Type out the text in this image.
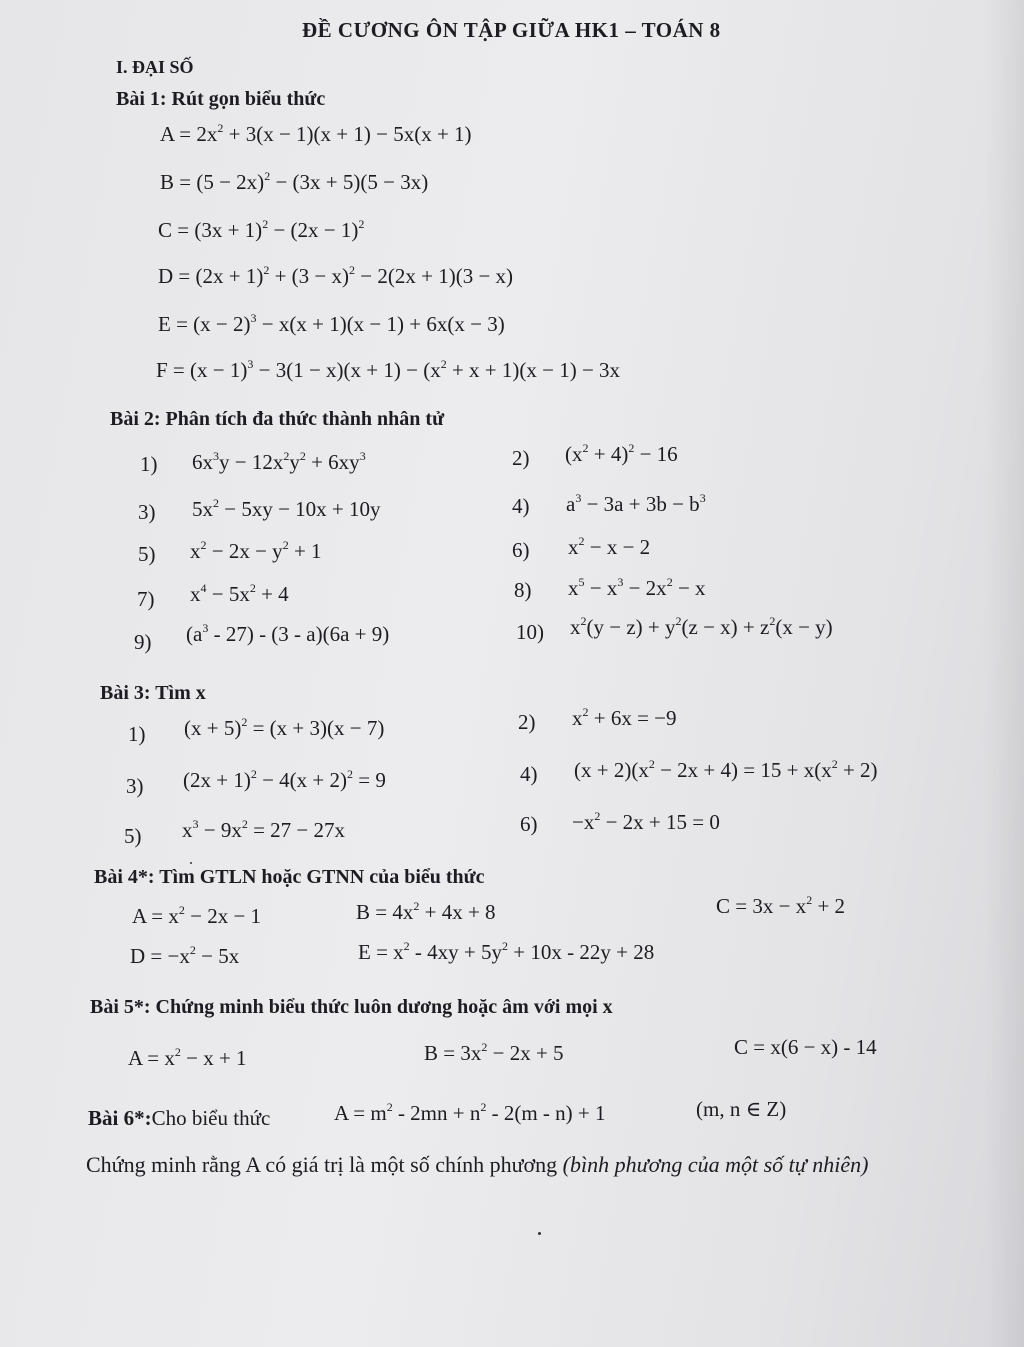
ĐỀ CƯƠNG ÔN TẬP GIỮA HK1 – TOÁN 8
I. ĐẠI SỐ
Bài 1: Rút gọn biểu thức
$A = 2x^2 + 3(x - 1)(x + 1) - 5x(x + 1)$
$B = (5 - 2x)^2 - (3x + 5)(5 - 3x)$
$C = (3x + 1)^2 - (2x - 1)^2$
$D = (2x + 1)^2 + (3 - x)^2 - 2(2x + 1)(3 - x)$
$E = (x - 2)^3 - x(x + 1)(x - 1) + 6x(x - 3)$
$F = (x - 1)^3 - 3(1 - x)(x + 1) - (x^2 + x + 1)(x - 1) - 3x$
Bài 2: Phân tích đa thức thành nhân tử
1) $6x^3y - 12x^2y^2 + 6xy^3$	2) $(x^2 + 4)^2 - 16$
3) $5x^2 - 5xy - 10x + 10y$	4) $a^3 - 3a + 3b - b^3$
5) $x^2 - 2x - y^2 + 1$	6) $x^2 - x - 2$
7) $x^4 - 5x^2 + 4$	8) $x^5 - x^3 - 2x^2 - x$
9) $(a^3 - 27) - (3 - a)(6a + 9)$	10) $x^2(y - z) + y^2(z - x) + z^2(x - y)$
Bài 3: Tìm x
1) $(x + 5)^2 = (x + 3)(x - 7)$	2) $x^2 + 6x = -9$
3) $(2x + 1)^2 - 4(x + 2)^2 = 9$	4) $(x + 2)(x^2 - 2x + 4) = 15 + x(x^2 + 2)$
5) $x^3 - 9x^2 = 27 - 27x$	$6) -x^2 - 2x + 15 = 0$
Bài 4*: Tìm GTLN hoặc GTNN của biểu thức
$A = x^2 - 2x - 1$	$B = 4x^2 + 4x + 8$	$C = 3x - x^2 + 2$
$D = -x^2 - 5x$	$E = x^2 - 4xy + 5y^2 + 10x - 22y + 28$
Bài 5*: Chứng minh biểu thức luôn dương hoặc âm với mọi x
$A = x^2 - x + 1$	$B = 3x^2 - 2x + 5$	C = x(6 − x) - 14
Bài 6*:Cho biểu thức	$A = m^2 - 2mn + n^2 - 2(m - n) + 1$	(m, n ∈ Z)
Chứng minh rằng A có giá trị là một số chính phương (bình phương của một số tự nhiên)
